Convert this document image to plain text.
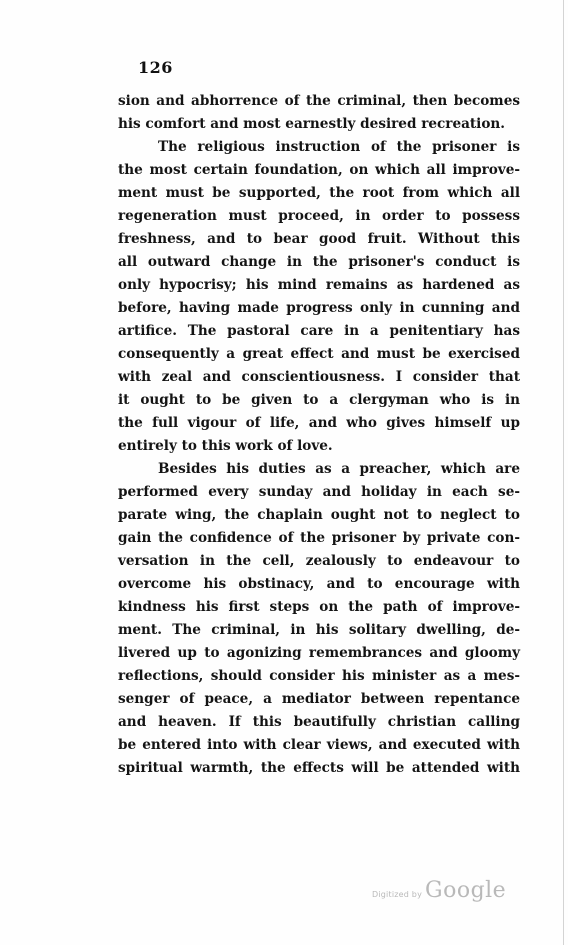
126
sion and abhorrence of the criminal, then becomes
his comfort and most earnestly desired recreation.
The religious instruction of the prisoner is
the most certain foundation, on which all improve-
ment must be supported, the root from which all
regeneration must proceed, in order to possess
freshness, and to bear good fruit. Without this
all outward change in the prisoner's conduct is
only hypocrisy; his mind remains as hardened as
before, having made progress only in cunning and
artifice. The pastoral care in a penitentiary has
consequently a great effect and must be exercised
with zeal and conscientiousness. I consider that
it ought to be given to a clergyman who is in
the full vigour of life, and who gives himself up
entirely to this work of love.
Besides his duties as a preacher, which are
performed every sunday and holiday in each se-
parate wing, the chaplain ought not to neglect to
gain the confidence of the prisoner by private con-
versation in the cell, zealously to endeavour to
overcome his obstinacy, and to encourage with
kindness his first steps on the path of improve-
ment. The criminal, in his solitary dwelling, de-
livered up to agonizing remembrances and gloomy
reflections, should consider his minister as a mes-
senger of peace, a mediator between repentance
and heaven. If this beautifully christian calling
be entered into with clear views, and executed with
spiritual warmth, the effects will be attended with
Digitized by Google
